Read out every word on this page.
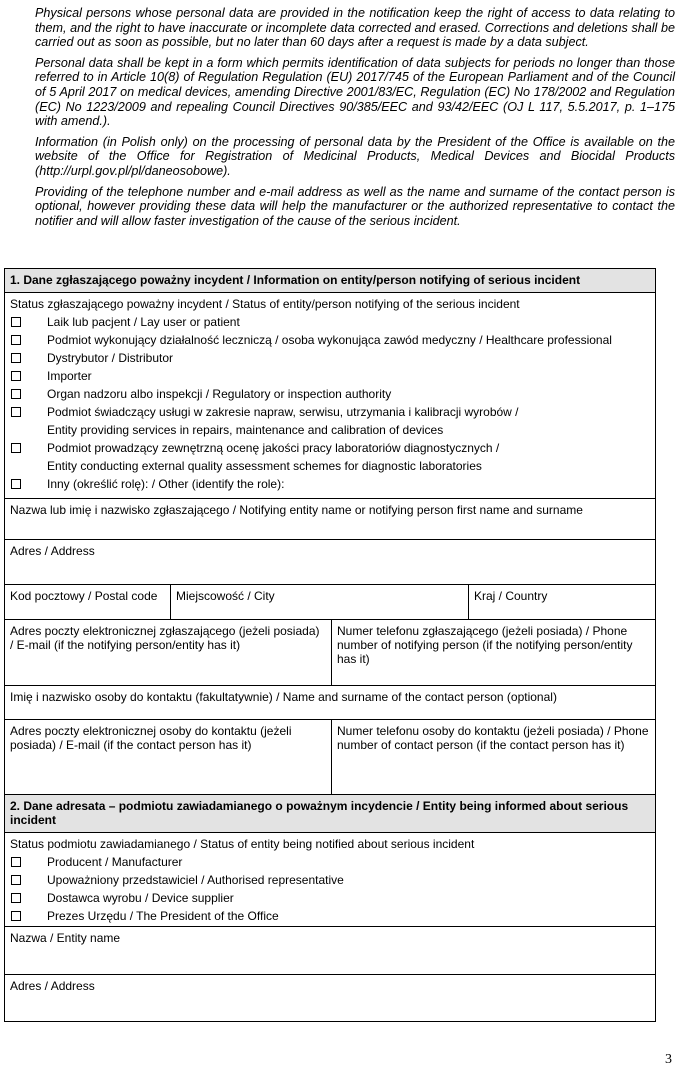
Physical persons whose personal data are provided in the notification keep the right of access to data relating to them, and the right to have inaccurate or incomplete data corrected and erased. Corrections and deletions shall be carried out as soon as possible, but no later than 60 days after a request is made by a data subject.

Personal data shall be kept in a form which permits identification of data subjects for periods no longer than those referred to in Article 10(8) of Regulation Regulation (EU) 2017/745 of the European Parliament and of the Council of 5 April 2017 on medical devices, amending Directive 2001/83/EC, Regulation (EC) No 178/2002 and Regulation (EC) No 1223/2009 and repealing Council Directives 90/385/EEC and 93/42/EEC (OJ L 117, 5.5.2017, p. 1–175 with amend.).

Information (in Polish only) on the processing of personal data by the President of the Office is available on the website of the Office for Registration of Medicinal Products, Medical Devices and Biocidal Products (http://urpl.gov.pl/pl/daneosobowe).

Providing of the telephone number and e-mail address as well as the name and surname of the contact person is optional, however providing these data will help the manufacturer or the authorized representative to contact the notifier and will allow faster investigation of the cause of the serious incident.

1. Dane zgłaszającego poważny incydent / Information on entity/person notifying of serious incident
Status zgłaszającego poważny incydent / Status of entity/person notifying of the serious incident
Laik lub pacjent / Lay user or patient
Podmiot wykonujący działalność leczniczą / osoba wykonująca zawód medyczny / Healthcare professional
Dystrybutor / Distributor
Importer
Organ nadzoru albo inspekcji / Regulatory or inspection authority
Podmiot świadczący usługi w zakresie napraw, serwisu, utrzymania i kalibracji wyrobów /
Entity providing services in repairs, maintenance and calibration of devices
Podmiot prowadzący zewnętrzną ocenę jakości pracy laboratoriów diagnostycznych /
Entity conducting external quality assessment schemes for diagnostic laboratories
Inny (określić rolę): / Other (identify the role):
Nazwa lub imię i nazwisko zgłaszającego / Notifying entity name or notifying person first name and surname
Adres / Address
Kod pocztowy / Postal code	Miejscowość / City	Kraj / Country
Adres poczty elektronicznej zgłaszającego (jeżeli posiada) / E-mail (if the notifying person/entity has it)
Numer telefonu zgłaszającego (jeżeli posiada) / Phone number of notifying person (if the notifying person/entity has it)
Imię i nazwisko osoby do kontaktu (fakultatywnie) / Name and surname of the contact person (optional)
Adres poczty elektronicznej osoby do kontaktu (jeżeli posiada) / E-mail (if the contact person has it)
Numer telefonu osoby do kontaktu (jeżeli posiada) / Phone number of contact person (if the contact person has it)
2. Dane adresata – podmiotu zawiadamianego o poważnym incydencie / Entity being informed about serious incident
Status podmiotu zawiadamianego / Status of entity being notified about serious incident
Producent / Manufacturer
Upoważniony przedstawiciel / Authorised representative
Dostawca wyrobu / Device supplier
Prezes Urzędu / The President of the Office
Nazwa / Entity name
Adres / Address
3
